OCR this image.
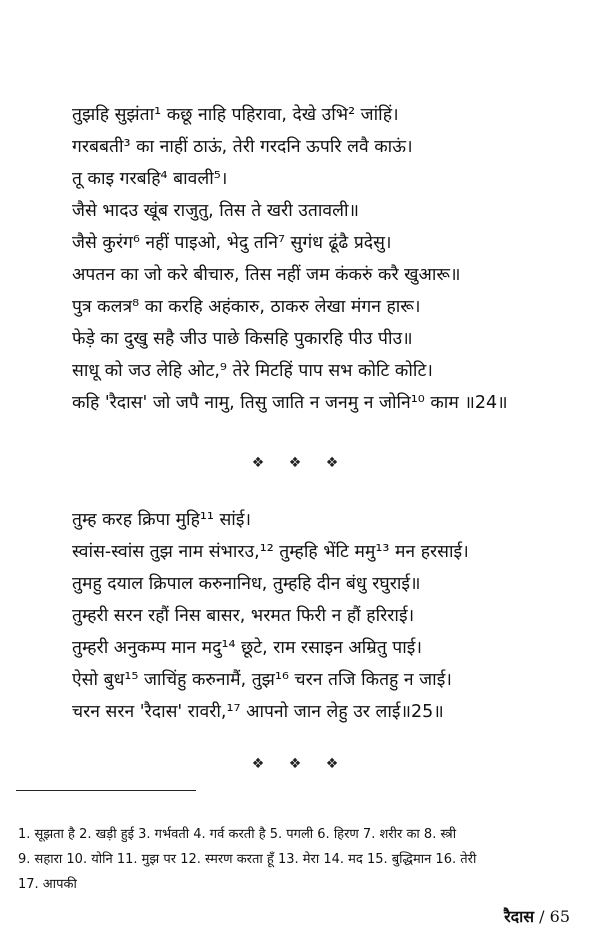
तुझहि सुझंता¹ कछू नाहि पहिरावा, देखे उभि² जांहिं।
गरबबती³ का नाहीं ठाऊं, तेरी गरदनि ऊपरि लवै काऊं।
तू काइ गरबहि⁴ बावली⁵।
जैसे भादउ खूंब राजुतु, तिस ते खरी उतावली॥
जैसे कुरंग⁶ नहीं पाइओ, भेदु तनि⁷ सुगंध ढूंढै प्रदेसु।
अपतन का जो करे बीचारु, तिस नहीं जम कंकरुं करै खुआरू॥
पुत्र कलत्र⁸ का करहि अहंकारु, ठाकरु लेखा मंगन हारू।
फेड़े का दुखु सहै जीउ पाछे किसहि पुकारहि पीउ पीउ॥
साधू को जउ लेहि ओट,⁹ तेरे मिटहिं पाप सभ कोटि कोटि।
कहि 'रैदास' जो जपै नामु, तिसु जाति न जनमु न जोनि¹⁰ काम ॥24॥
❖ ❖ ❖
तुम्ह करह क्रिपा मुहि¹¹ सांई।
स्वांस-स्वांस तुझ नाम संभारउ,¹² तुम्हहि भेंटि ममु¹³ मन हरसाई।
तुमहु दयाल क्रिपाल करुनानिध, तुम्हहि दीन बंधु रघुराई॥
तुम्हरी सरन रहौं निस बासर, भरमत फिरी न हौं हरिराई।
तुम्हरी अनुकम्प मान मदु¹⁴ छूटे, राम रसाइन अम्रितु पाई।
ऐसो बुध¹⁵ जाचिंहु करुनामैं, तुझ¹⁶ चरन तजि कितहु न जाई।
चरन सरन 'रैदास' रावरी,¹⁷ आपनो जान लेहु उर लाई॥25॥
❖ ❖ ❖
1. सूझता है 2. खड़ी हुई 3. गर्भवती 4. गर्व करती है 5. पगली 6. हिरण 7. शरीर का 8. स्त्री
9. सहारा 10. योनि 11. मुझ पर 12. स्मरण करता हूँ 13. मेरा 14. मद 15. बुद्धिमान 16. तेरी
17. आपकी
रैदास / 65
